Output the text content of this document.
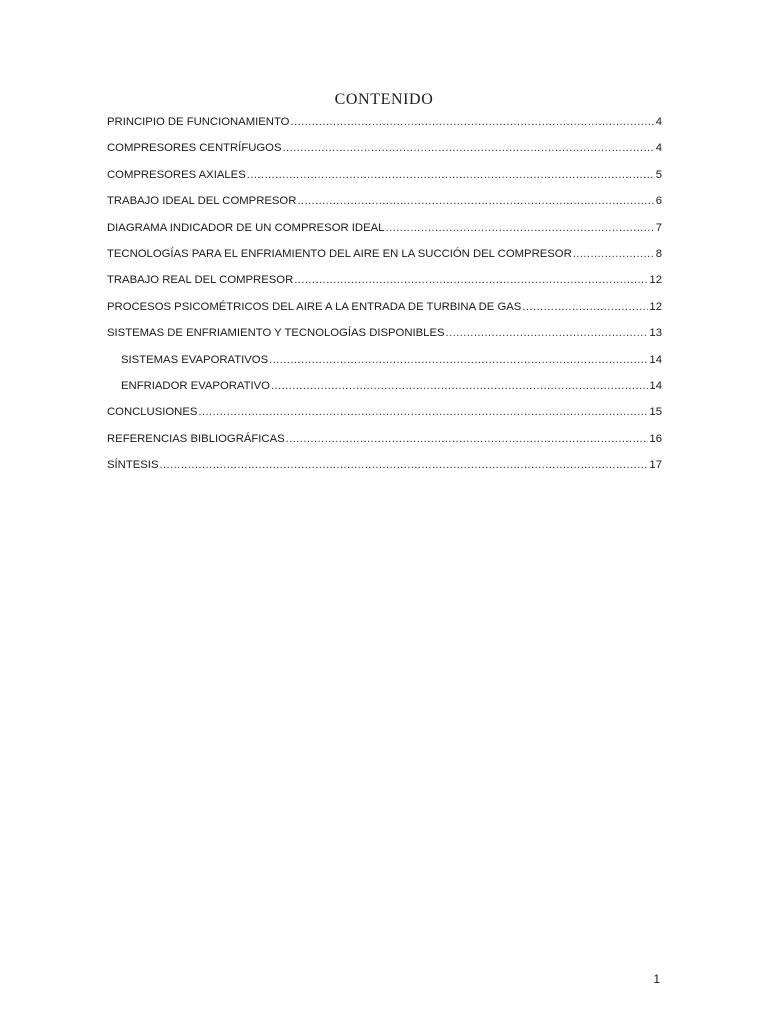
CONTENIDO
PRINCIPIO DE FUNCIONAMIENTO .....	4
COMPRESORES CENTRÍFUGOS .....	4
COMPRESORES AXIALES .....	5
TRABAJO IDEAL DEL COMPRESOR .....	6
DIAGRAMA INDICADOR DE UN COMPRESOR IDEAL .....	7
TECNOLOGÍAS PARA EL ENFRIAMIENTO DEL AIRE EN LA SUCCIÓN DEL COMPRESOR .....	8
TRABAJO REAL DEL COMPRESOR .....	12
PROCESOS PSICOMÉTRICOS DEL AIRE A LA ENTRADA DE TURBINA DE GAS .....	12
SISTEMAS DE ENFRIAMIENTO Y TECNOLOGÍAS DISPONIBLES .....	13
SISTEMAS EVAPORATIVOS .....	14
ENFRIADOR EVAPORATIVO .....	14
CONCLUSIONES .....	15
REFERENCIAS BIBLIOGRÁFICAS .....	16
SÍNTESIS .....	17
1
